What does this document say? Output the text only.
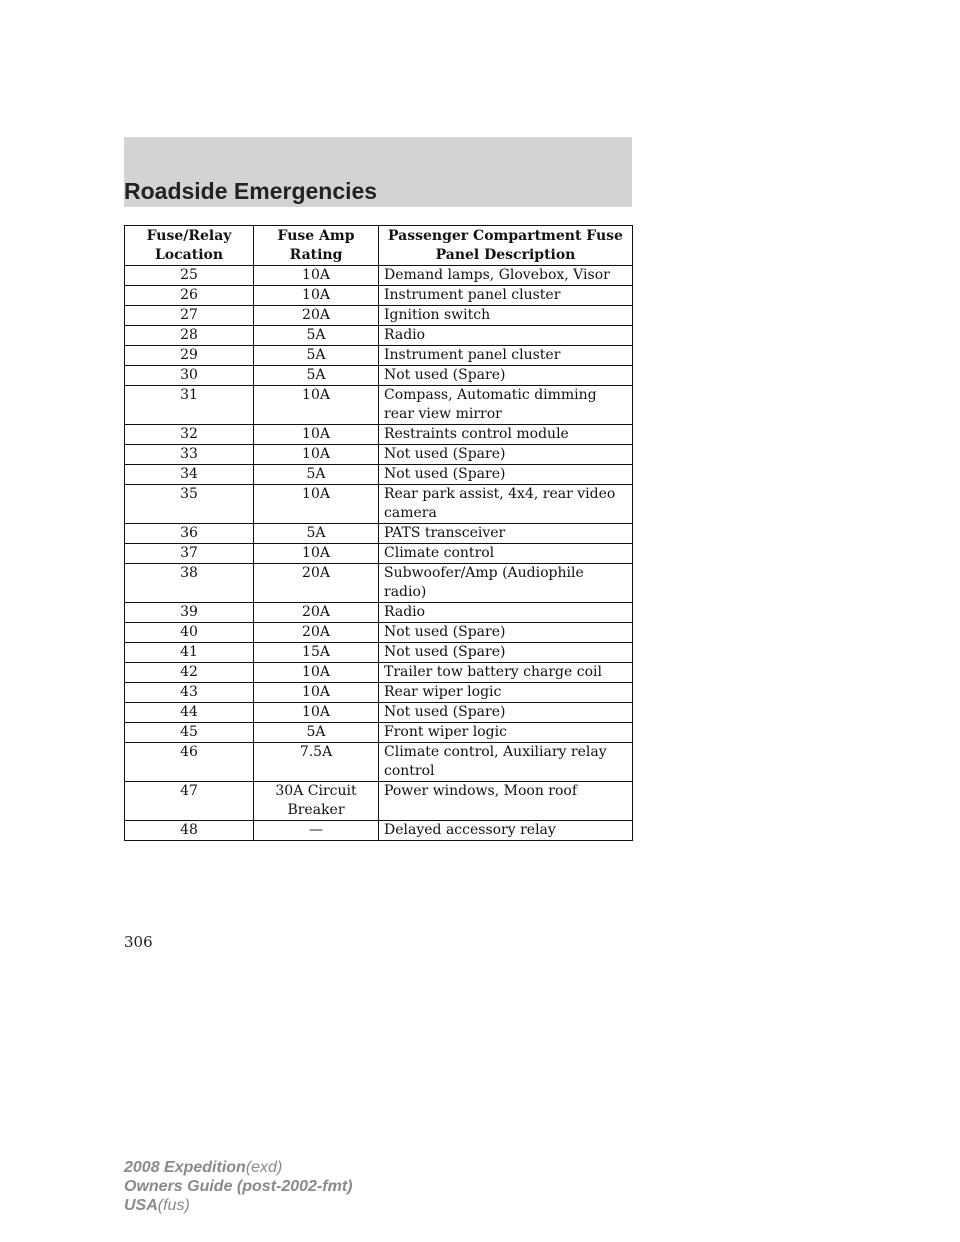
Roadside Emergencies
Fuse/Relay Location	Fuse Amp Rating	Passenger Compartment Fuse Panel Description
25	10A	Demand lamps, Glovebox, Visor
26	10A	Instrument panel cluster
27	20A	Ignition switch
28	5A	Radio
29	5A	Instrument panel cluster
30	5A	Not used (Spare)
31	10A	Compass, Automatic dimming rear view mirror
32	10A	Restraints control module
33	10A	Not used (Spare)
34	5A	Not used (Spare)
35	10A	Rear park assist, 4x4, rear video camera
36	5A	PATS transceiver
37	10A	Climate control
38	20A	Subwoofer/Amp (Audiophile radio)
39	20A	Radio
40	20A	Not used (Spare)
41	15A	Not used (Spare)
42	10A	Trailer tow battery charge coil
43	10A	Rear wiper logic
44	10A	Not used (Spare)
45	5A	Front wiper logic
46	7.5A	Climate control, Auxiliary relay control
47	30A Circuit Breaker	Power windows, Moon roof
48	—	Delayed accessory relay
306
2008 Expedition(exd)
Owners Guide (post-2002-fmt)
USA(fus)
